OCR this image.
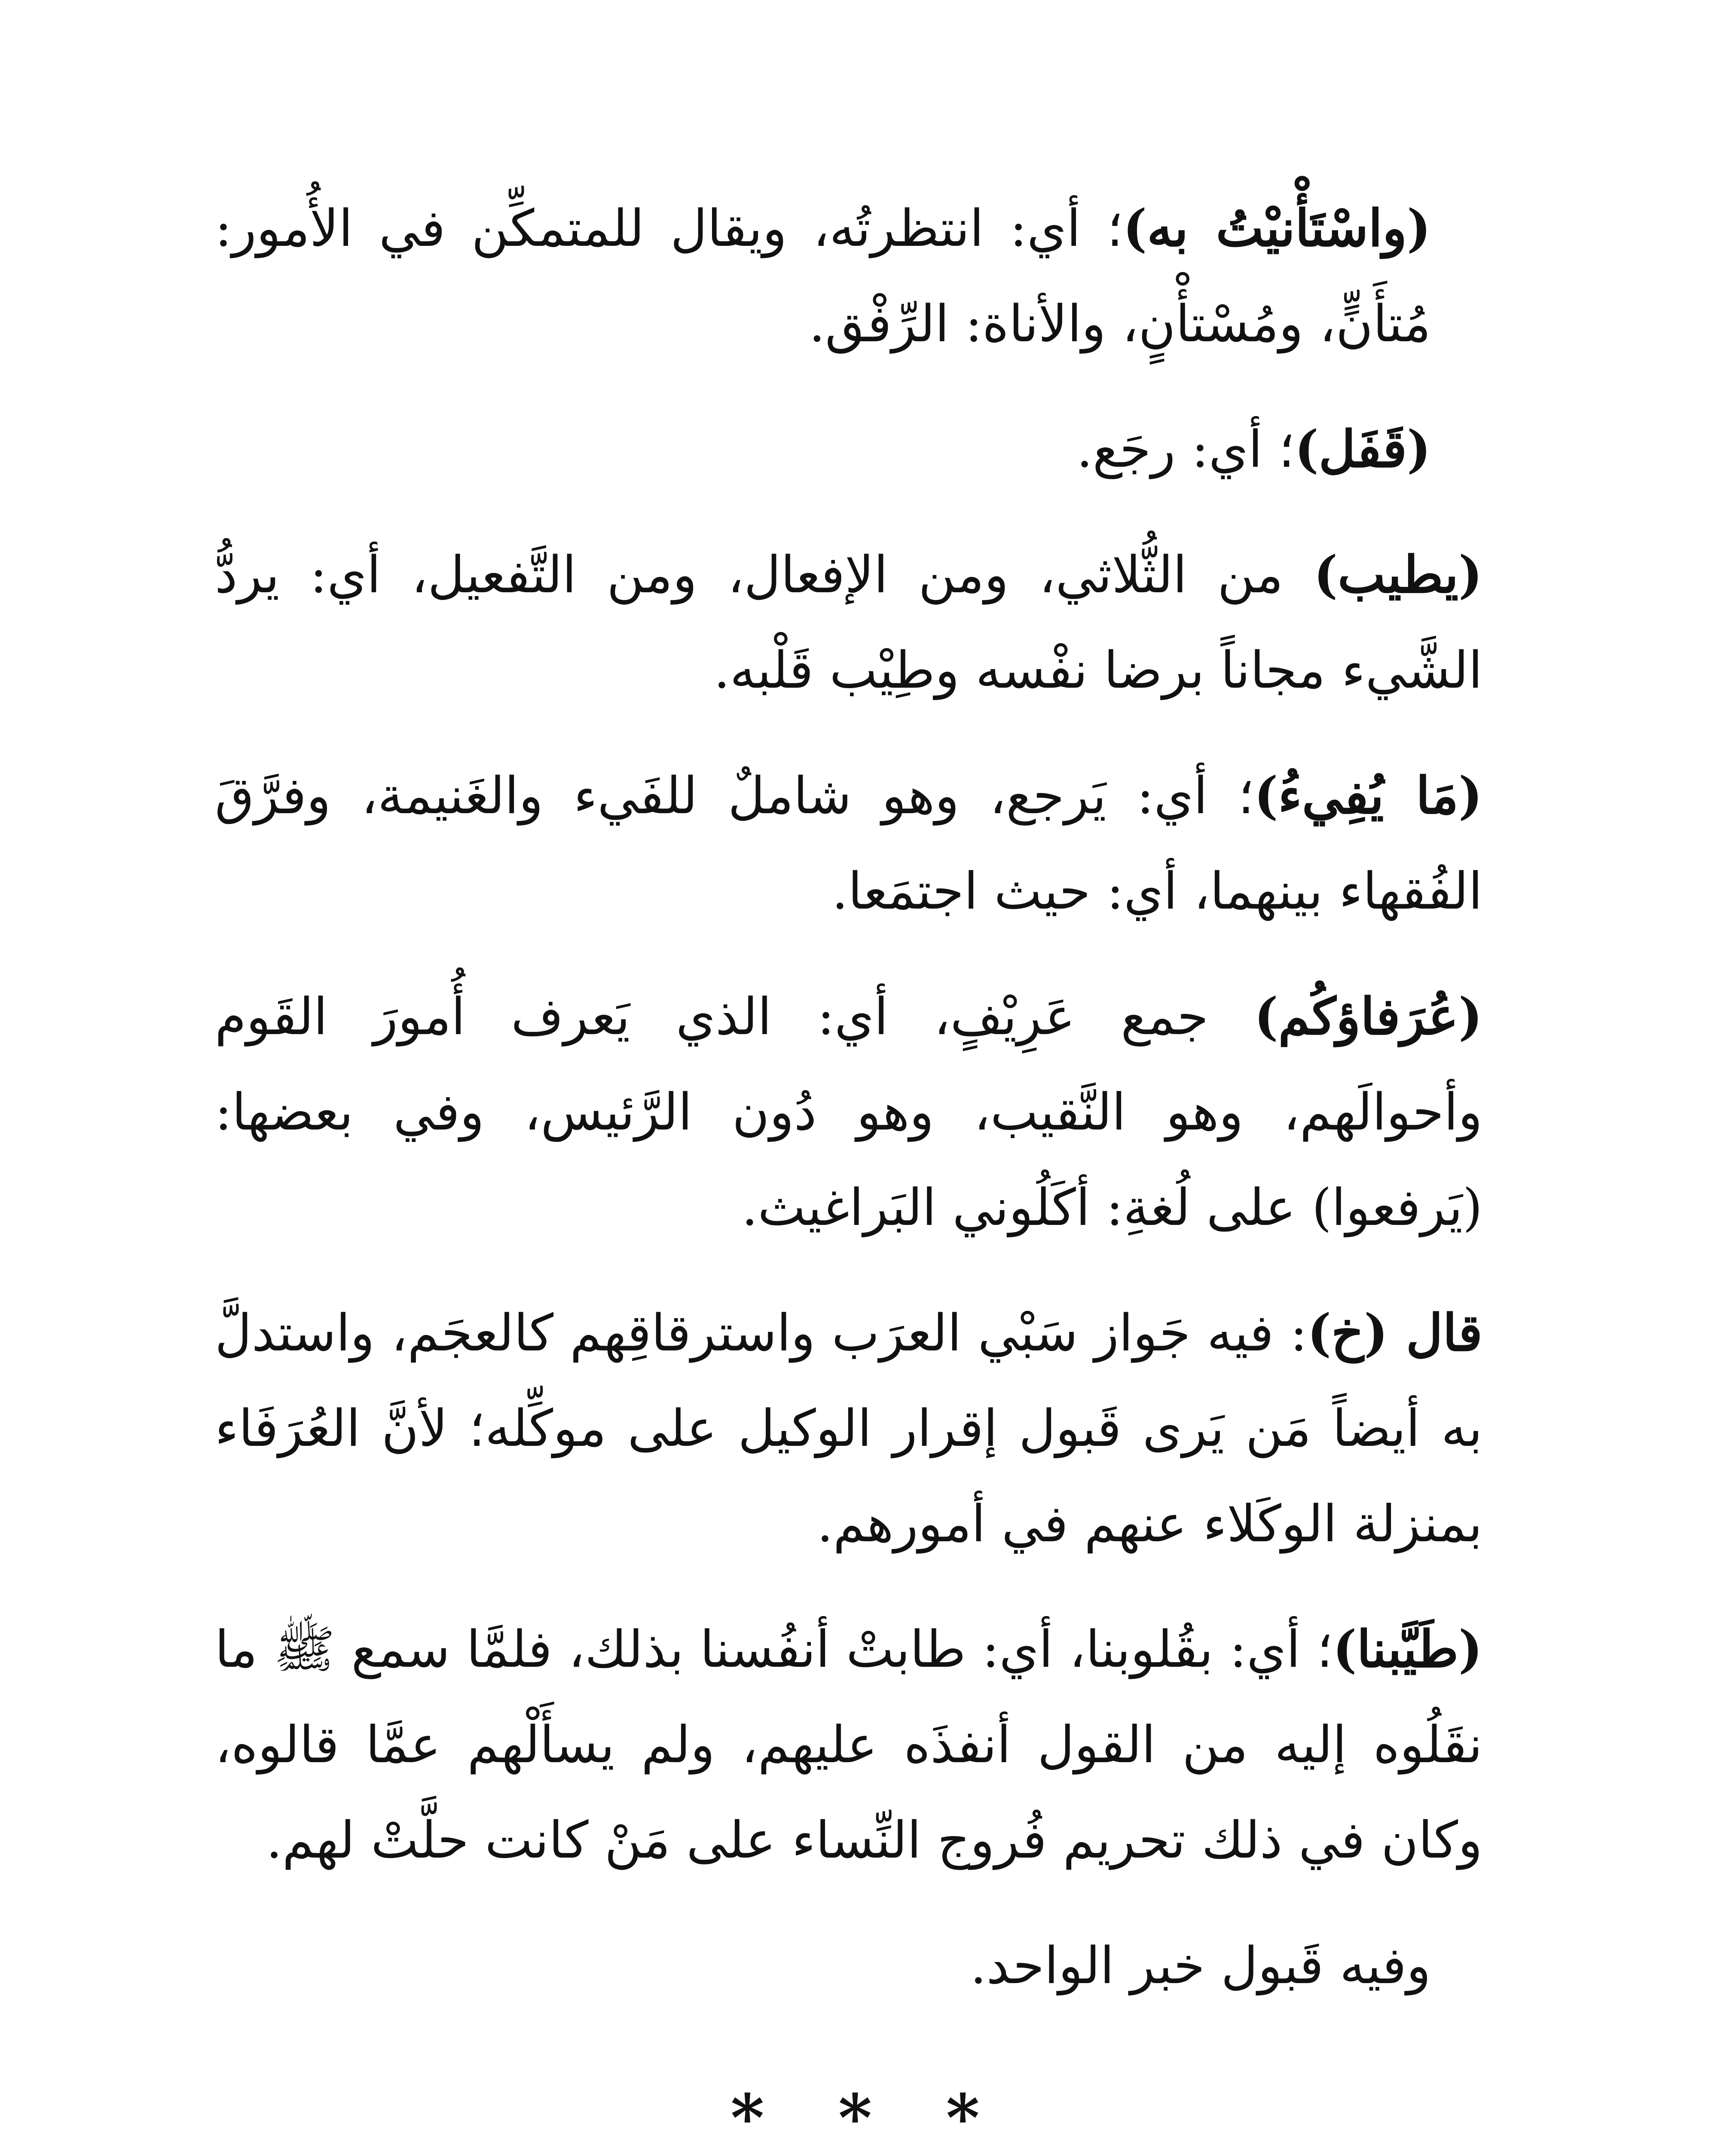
(واسْتَأْنيْتُ به)؛ أي: انتظرتُه، ويقال للمتمكِّن في الأُمور: مُتأَنٍّ، ومُسْتأْنٍ، والأناة: الرِّفْق.

(قَفَل)؛ أي: رجَع.

(يطيب) من الثُّلاثي، ومن الإفعال، ومن التَّفعيل، أي: يردُّ الشَّيء مجاناً برضا نفْسه وطِيْب قَلْبه.

(مَا يُفِيءُ)؛ أي: يَرجع، وهو شاملٌ للفَيء والغَنيمة، وفرَّقَ الفُقهاء بينهما، أي: حيث اجتمَعا.

(عُرَفاؤكُم) جمع عَرِيْفٍ، أي: الذي يَعرف أُمورَ القَوم وأحوالَهم، وهو النَّقيب، وهو دُون الرَّئيس، وفي بعضها: (يَرفعوا) على لُغةِ: أكَلُوني البَراغيث.

قال (خ): فيه جَواز سَبْي العرَب واسترقاقِهم كالعجَم، واستدلَّ به أيضاً مَن يَرى قَبول إقرار الوكيل على موكِّله؛ لأنَّ العُرَفَاء بمنزلة الوكَلاء عنهم في أمورهم.

(طَيَّبنا)؛ أي: بقُلوبنا، أي: طابتْ أنفُسنا بذلك، فلمَّا سمع ﷺ ما نقَلُوه إليه من القول أنفذَه عليهم، ولم يسأَلْهم عمَّا قالوه، وكان في ذلك تحريم فُروج النِّساء على مَنْ كانت حلَّتْ لهم.

وفيه قَبول خبر الواحد.

* * *
